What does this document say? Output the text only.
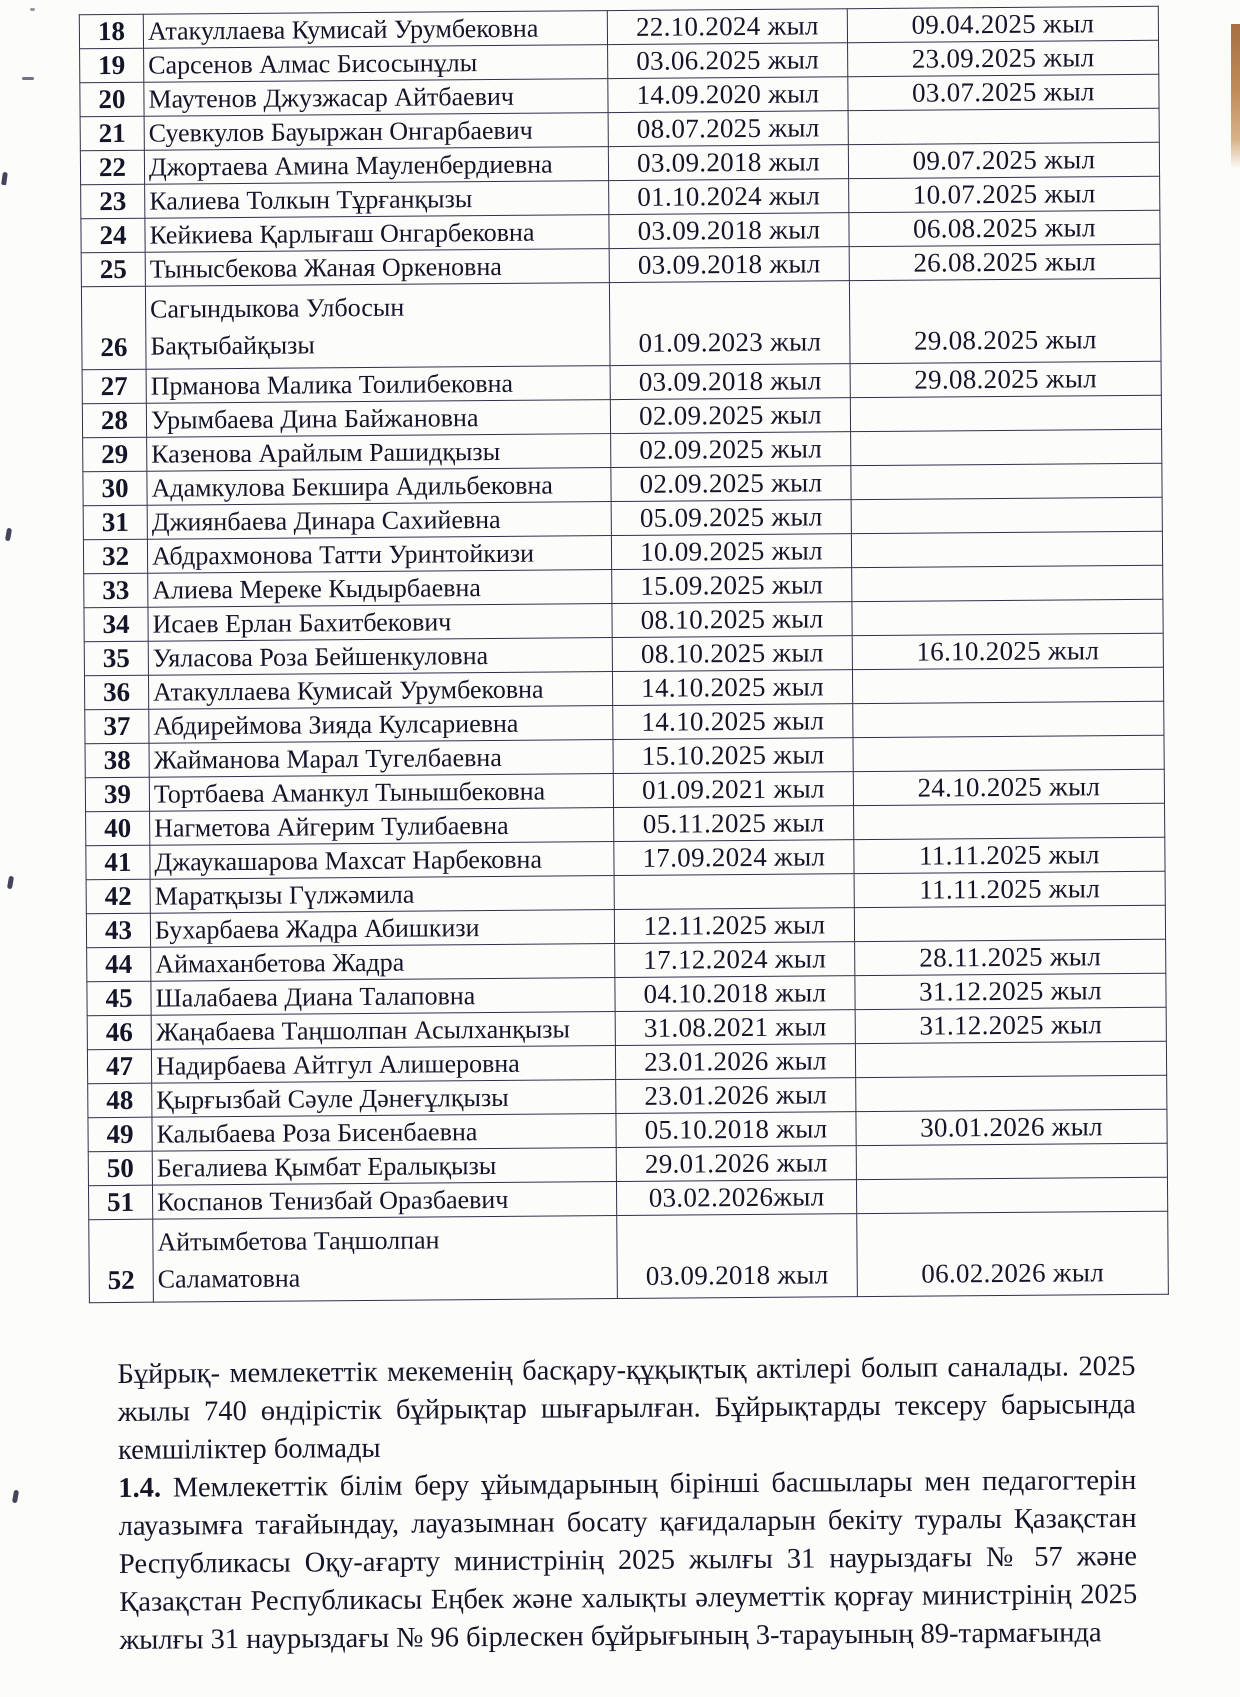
18	Атакуллаева Кумисай Урумбековна	22.10.2024 жыл	09.04.2025 жыл
19	Сарсенов Алмас Бисосынұлы	03.06.2025 жыл	23.09.2025 жыл
20	Маутенов Джузжасар Айтбаевич	14.09.2020 жыл	03.07.2025 жыл
21	Суевкулов Бауыржан Онгарбаевич	08.07.2025 жыл	
22	Джортаева Амина Мауленбердиевна	03.09.2018 жыл	09.07.2025 жыл
23	Калиева Толкын Тұрғанқызы	01.10.2024 жыл	10.07.2025 жыл
24	Кейкиева Қарлығаш Онгарбековна	03.09.2018 жыл	06.08.2025 жыл
25	Тынысбекова Жаная Оркеновна	03.09.2018 жыл	26.08.2025 жыл
26	Сагындыкова Улбосын
Бақтыбайқызы	01.09.2023 жыл	29.08.2025 жыл
27	Прманова Малика Тоилибековна	03.09.2018 жыл	29.08.2025 жыл
28	Урымбаева Дина Байжановна	02.09.2025 жыл	
29	Казенова Арайлым Рашидқызы	02.09.2025 жыл	
30	Адамкулова Бекшира Адильбековна	02.09.2025 жыл	
31	Джиянбаева Динара Сахийевна	05.09.2025 жыл	
32	Абдрахмонова Татти Уринтойкизи	10.09.2025 жыл	
33	Алиева Мереке Кыдырбаевна	15.09.2025 жыл	
34	Исаев Ерлан Бахитбекович	08.10.2025 жыл	
35	Уяласова Роза Бейшенкуловна	08.10.2025 жыл	16.10.2025 жыл
36	Атакуллаева Кумисай Урумбековна	14.10.2025 жыл	
37	Абдиреймова Зияда Кулсариевна	14.10.2025 жыл	
38	Жайманова Марал Тугелбаевна	15.10.2025 жыл	
39	Тортбаева Аманкул Тынышбековна	01.09.2021 жыл	24.10.2025 жыл
40	Нагметова Айгерим Тулибаевна	05.11.2025 жыл	
41	Джаукашарова Махсат Нарбековна	17.09.2024 жыл	11.11.2025 жыл
42	Маратқызы Гүлжәмила		11.11.2025 жыл
43	Бухарбаева Жадра Абишкизи	12.11.2025 жыл	
44	Аймаханбетова Жадра	17.12.2024 жыл	28.11.2025 жыл
45	Шалабаева Диана Талаповна	04.10.2018 жыл	31.12.2025 жыл
46	Жаңабаева Таңшолпан Асылханқызы	31.08.2021 жыл	31.12.2025 жыл
47	Надирбаева Айтгул Алишеровна	23.01.2026 жыл	
48	Қырғызбай Сәуле Дәнеғұлқызы	23.01.2026 жыл	
49	Калыбаева Роза Бисенбаевна	05.10.2018 жыл	30.01.2026 жыл
50	Бегалиева Қымбат Ералықызы	29.01.2026 жыл	
51	Коспанов Тенизбай Оразбаевич	03.02.2026жыл	
52	Айтымбетова Таңшолпан
Саламатовна	03.09.2018 жыл	06.02.2026 жыл

Бұйрық- мемлекеттік мекеменің басқару-құқықтық актілері болып саналады. 2025 жылы 740 өндірістік бұйрықтар шығарылған. Бұйрықтарды тексеру барысында кемшіліктер болмады

1.4. Мемлекеттік білім беру ұйымдарының бірінші басшылары мен педагогтерін лауазымға тағайындау, лауазымнан босату қағидаларын бекіту туралы Қазақстан Республикасы Оқу-ағарту министрінің 2025 жылғы 31 наурыздағы № 57 және Қазақстан Республикасы Еңбек және халықты әлеуметтік қорғау министрінің 2025 жылғы 31 наурыздағы № 96 бірлескен бұйрығының 3-тарауының 89-тармағында
